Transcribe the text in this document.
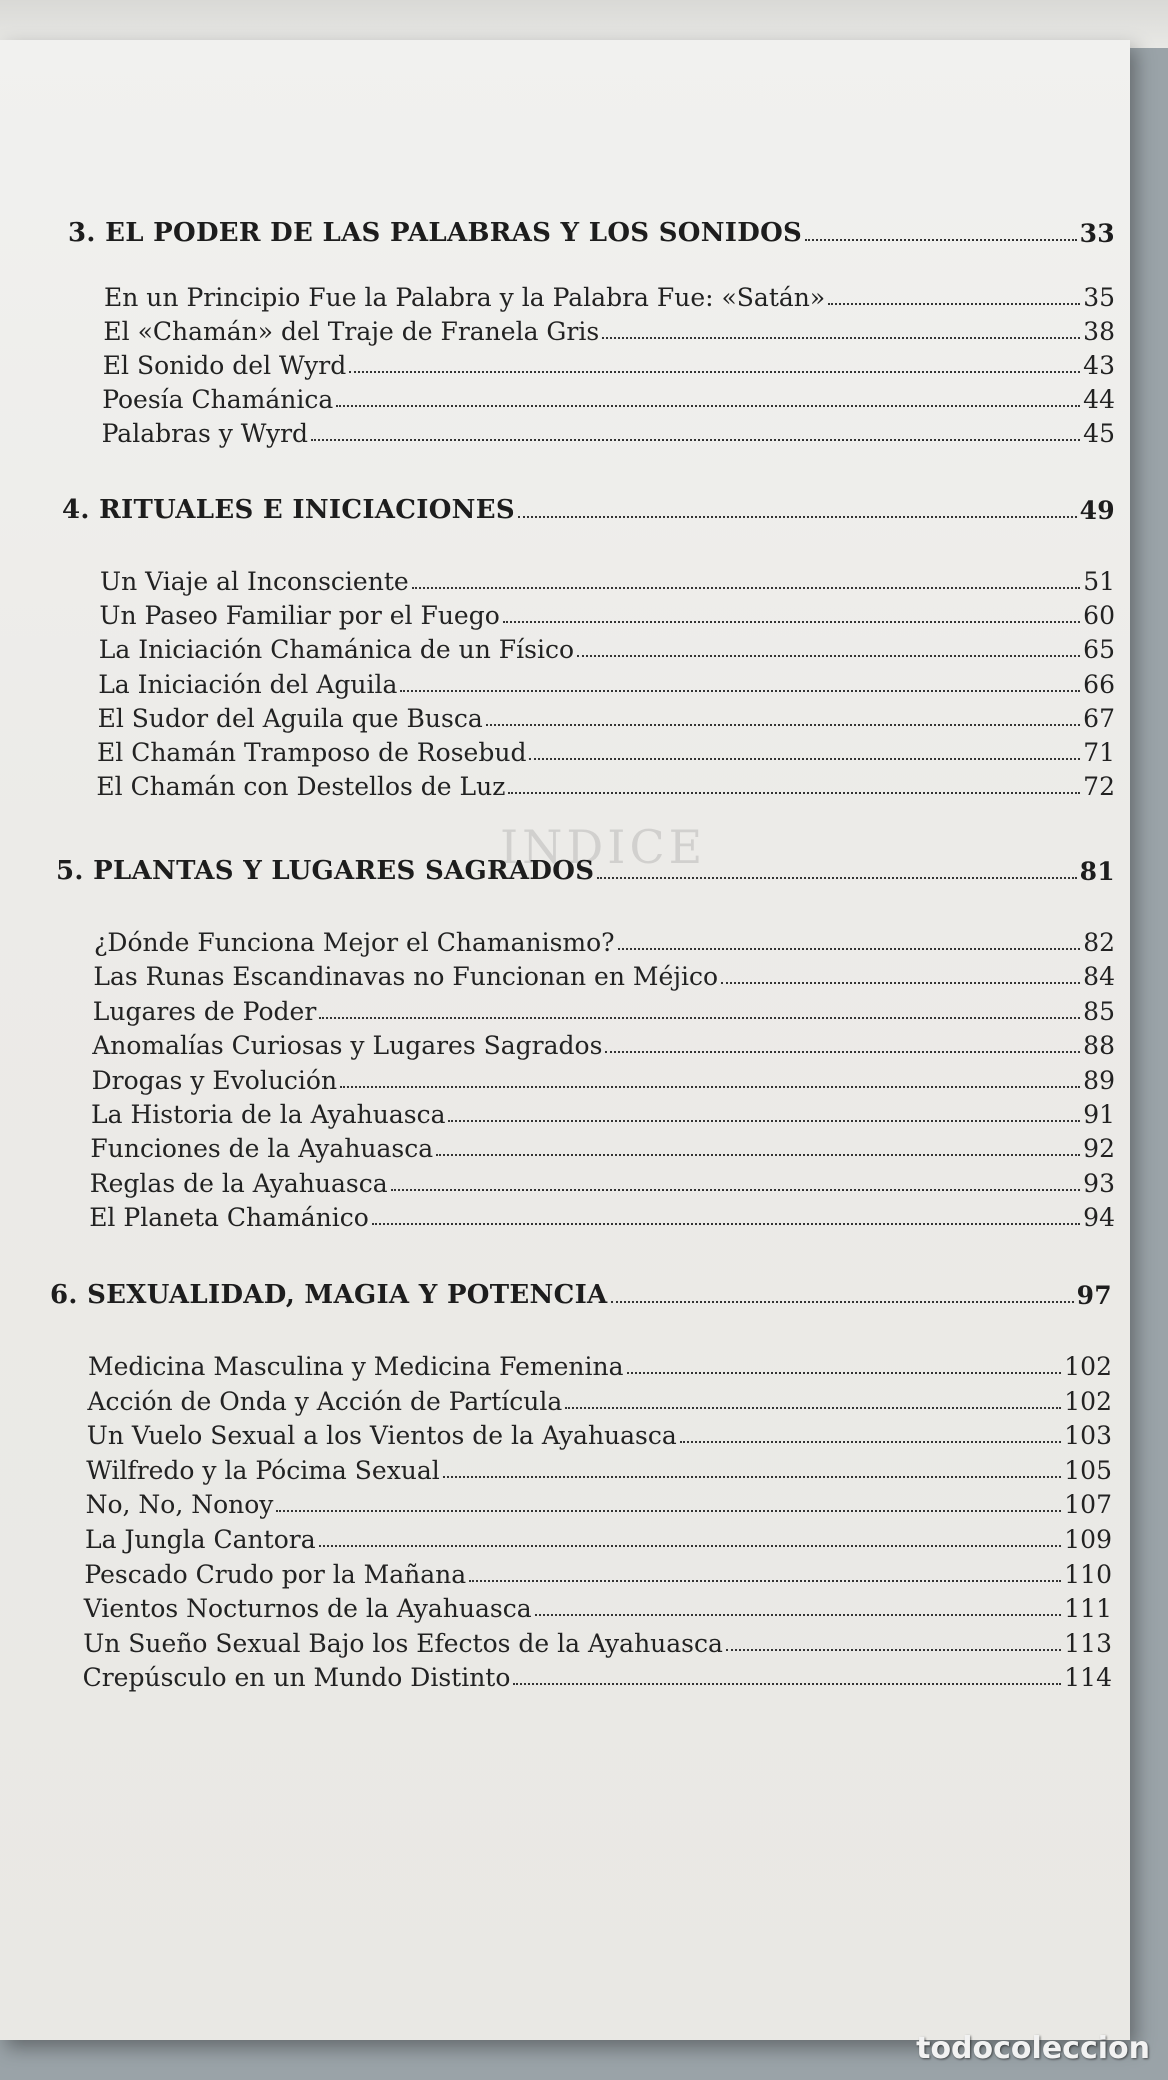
INDICE
3. EL PODER DE LAS PALABRAS Y LOS SONIDOS	33
En un Principio Fue la Palabra y la Palabra Fue: «Satán»	35
El «Chamán» del Traje de Franela Gris	38
El Sonido del Wyrd	43
Poesía Chamánica	44
Palabras y Wyrd	45
4. RITUALES E INICIACIONES	49
Un Viaje al Inconsciente	51
Un Paseo Familiar por el Fuego	60
La Iniciación Chamánica de un Físico	65
La Iniciación del Aguila	66
El Sudor del Aguila que Busca	67
El Chamán Tramposo de Rosebud	71
El Chamán con Destellos de Luz	72
5. PLANTAS Y LUGARES SAGRADOS	81
¿Dónde Funciona Mejor el Chamanismo?	82
Las Runas Escandinavas no Funcionan en Méjico	84
Lugares de Poder	85
Anomalías Curiosas y Lugares Sagrados	88
Drogas y Evolución	89
La Historia de la Ayahuasca	91
Funciones de la Ayahuasca	92
Reglas de la Ayahuasca	93
El Planeta Chamánico	94
6. SEXUALIDAD, MAGIA Y POTENCIA	97
Medicina Masculina y Medicina Femenina	102
Acción de Onda y Acción de Partícula	102
Un Vuelo Sexual a los Vientos de la Ayahuasca	103
Wilfredo y la Pócima Sexual	105
No, No, Nonoy	107
La Jungla Cantora	109
Pescado Crudo por la Mañana	110
Vientos Nocturnos de la Ayahuasca	111
Un Sueño Sexual Bajo los Efectos de la Ayahuasca	113
Crepúsculo en un Mundo Distinto	114
todocoleccion
